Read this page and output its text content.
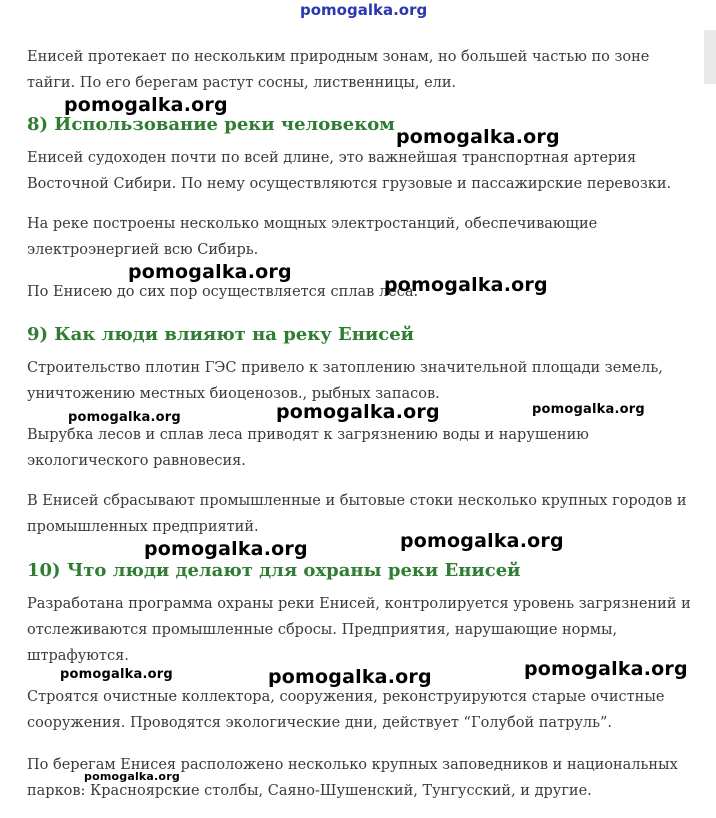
pomogalka.org

Енисей протекает по нескольким природным зонам, но большей частью по зоне тайги. По его берегам растут сосны, лиственницы, ели.

pomogalka.org

8) Использование реки человеком

pomogalka.org

Енисей судоходен почти по всей длине, это важнейшая транспортная артерия Восточной Сибири. По нему осуществляются грузовые и пассажирские перевозки.

На реке построены несколько мощных электростанций, обеспечивающие электроэнергией всю Сибирь.

pomogalka.org

По Енисею до сих пор осуществляется сплав леса.

pomogalka.org

9) Как люди влияют на реку Енисей

Строительство плотин ГЭС привело к затоплению значительной площади земель, уничтожению местных биоценозов., рыбных запасов.

pomogalka.org	pomogalka.org	pomogalka.org

Вырубка лесов и сплав леса приводят к загрязнению воды и нарушению экологического равновесия.

В Енисей сбрасывают промышленные и бытовые стоки несколько крупных городов и промышленных предприятий.

pomogalka.org	pomogalka.org

10) Что люди делают для охраны реки Енисей

Разработана программа охраны реки Енисей, контролируется уровень загрязнений и отслеживаются промышленные сбросы. Предприятия, нарушающие нормы, штрафуются.

pomogalka.org	pomogalka.org	pomogalka.org

Строятся очистные коллектора, сооружения, реконструируются старые очистные сооружения. Проводятся экологические дни, действует “Голубой патруль”.

По берегам Енисея расположено несколько крупных заповедников и национальных парков: Красноярские столбы, Саяно-Шушенский, Тунгусский, и другие.

pomogalka.org
